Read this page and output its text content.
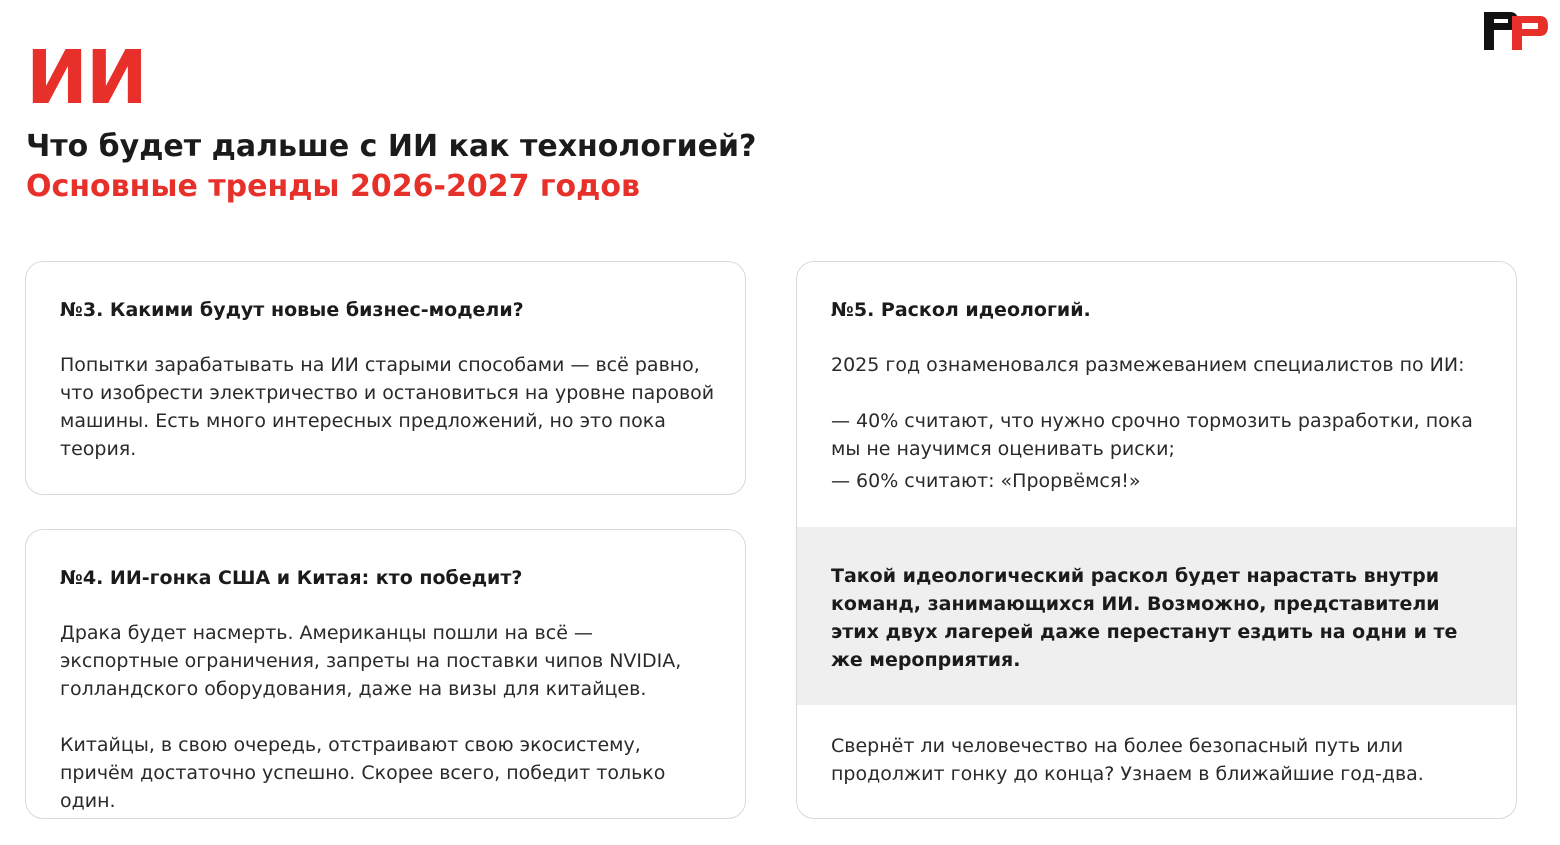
ИИ
Что будет дальше с ИИ как технологией?
Основные тренды 2026-2027 годов
№3. Какими будут новые бизнес-модели?

Попытки зарабатывать на ИИ старыми способами — всё равно, что изобрести электричество и остановиться на уровне паровой машины. Есть много интересных предложений, но это пока теория.

№4. ИИ-гонка США и Китая: кто победит?

Драка будет насмерть. Американцы пошли на всё — экспортные ограничения, запреты на поставки чипов NVIDIA, голландского оборудования, даже на визы для китайцев.

Китайцы, в свою очередь, отстраивают свою экосистему, причём достаточно успешно. Скорее всего, победит только один.

№5. Раскол идеологий.

2025 год ознаменовался размежеванием специалистов по ИИ:

— 40% считают, что нужно срочно тормозить разработки, пока мы не научимся оценивать риски;

— 60% считают: «Прорвёмся!»

Такой идеологический раскол будет нарастать внутри команд, занимающихся ИИ. Возможно, представители этих двух лагерей даже перестанут ездить на одни и те же мероприятия.

Свернёт ли человечество на более безопасный путь или продолжит гонку до конца? Узнаем в ближайшие год-два.
